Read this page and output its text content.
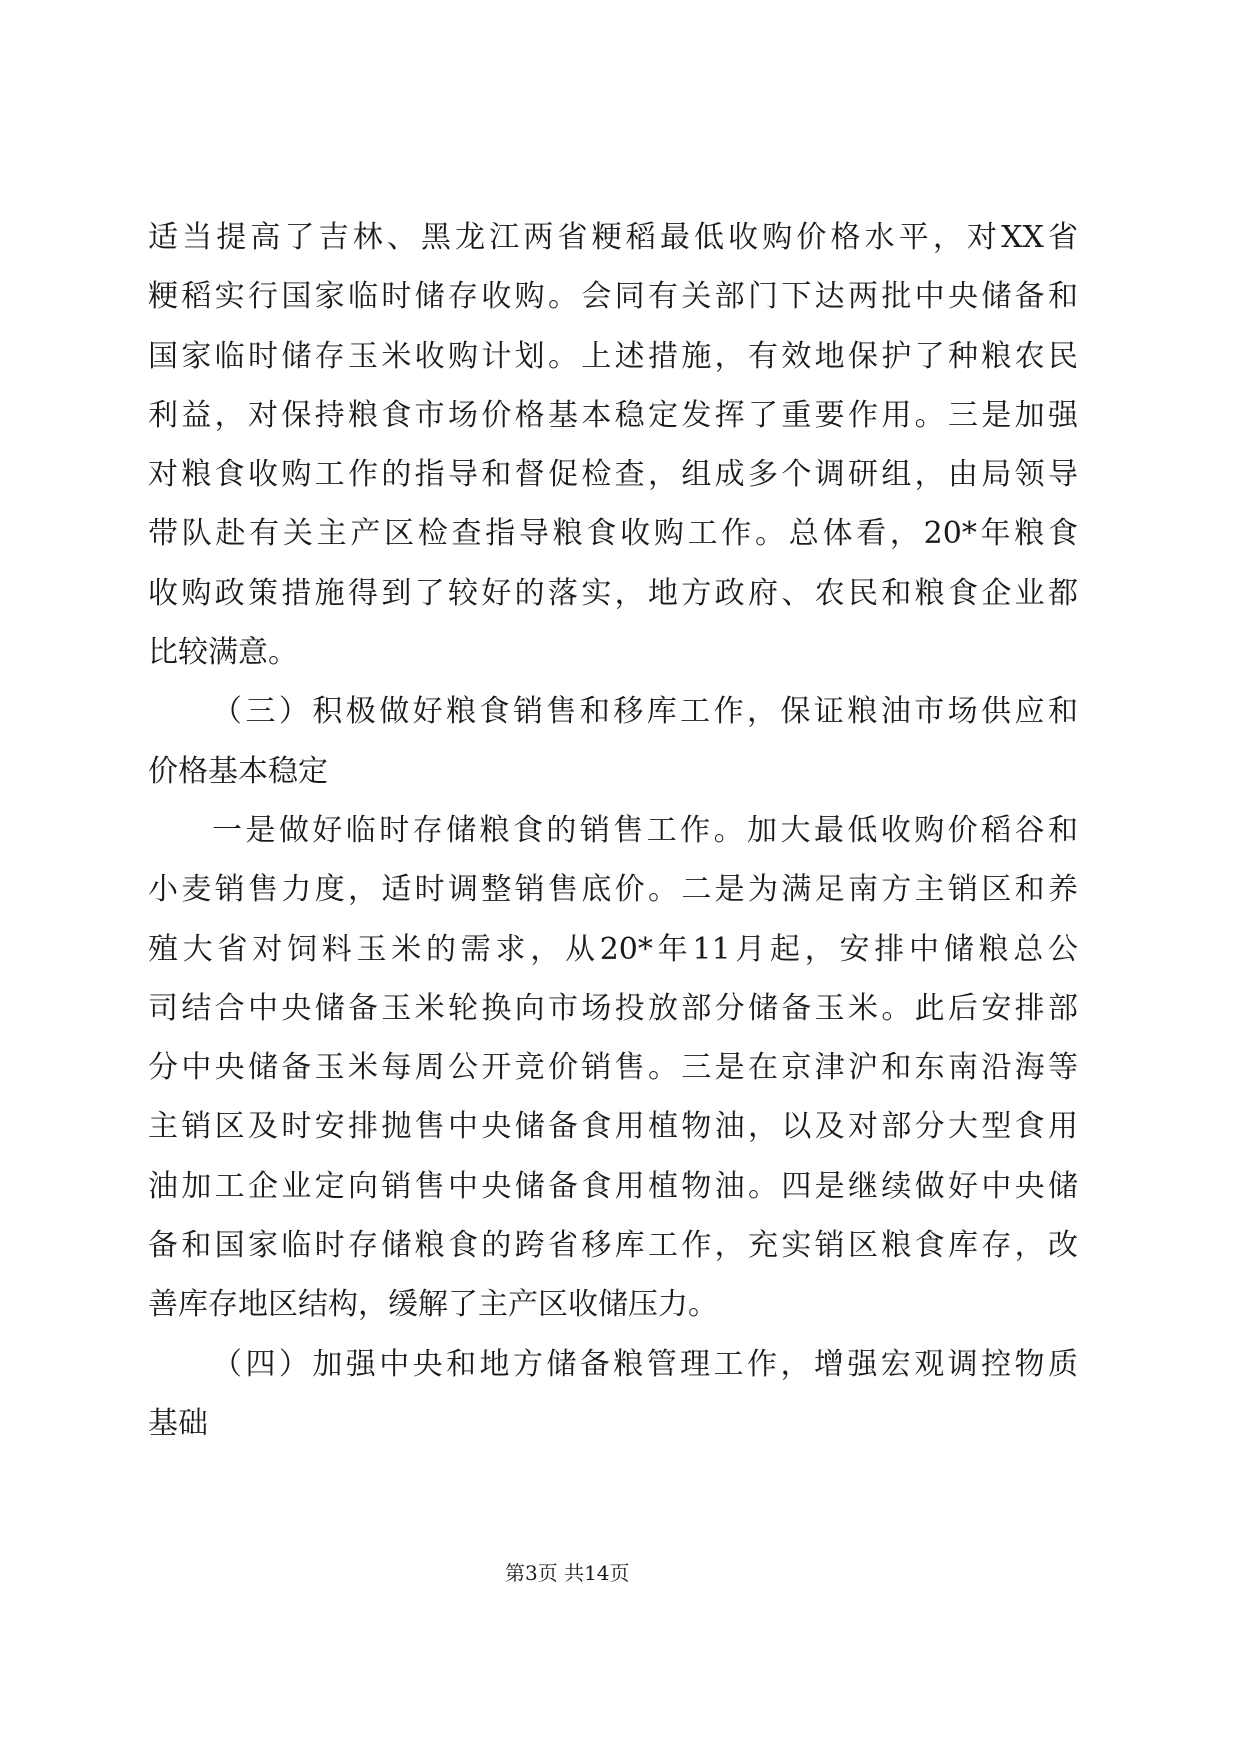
适当提高了吉林、黑龙江两省粳稻最低收购价格水平，对XX省
粳稻实行国家临时储存收购。会同有关部门下达两批中央储备和
国家临时储存玉米收购计划。上述措施，有效地保护了种粮农民
利益，对保持粮食市场价格基本稳定发挥了重要作用。三是加强
对粮食收购工作的指导和督促检查，组成多个调研组，由局领导
带队赴有关主产区检查指导粮食收购工作。总体看，20*年粮食
收购政策措施得到了较好的落实，地方政府、农民和粮食企业都
比较满意。
（三）积极做好粮食销售和移库工作，保证粮油市场供应和
价格基本稳定
一是做好临时存储粮食的销售工作。加大最低收购价稻谷和
小麦销售力度，适时调整销售底价。二是为满足南方主销区和养
殖大省对饲料玉米的需求，从20*年11月起，安排中储粮总公
司结合中央储备玉米轮换向市场投放部分储备玉米。此后安排部
分中央储备玉米每周公开竞价销售。三是在京津沪和东南沿海等
主销区及时安排抛售中央储备食用植物油，以及对部分大型食用
油加工企业定向销售中央储备食用植物油。四是继续做好中央储
备和国家临时存储粮食的跨省移库工作，充实销区粮食库存，改
善库存地区结构，缓解了主产区收储压力。
（四）加强中央和地方储备粮管理工作，增强宏观调控物质
基础
第3页 共14页
